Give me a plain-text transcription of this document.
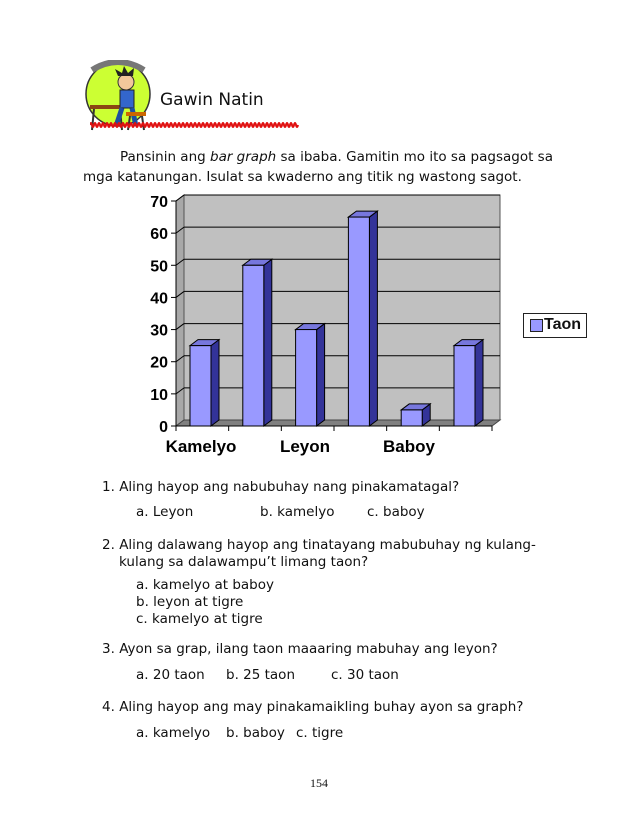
Gawin Natin
Pansinin ang bar graph sa ibaba. Gamitin mo ito sa pagsagot sa
mga katanungan. Isulat sa kwaderno ang titik ng wastong sagot.
0
10
20
30
40
50
60
70
Kamelyo	Leyon	Baboy
Taon
1. Aling hayop ang nabubuhay nang pinakamatagal?
a. Leyon	b. kamelyo c. baboy
2. Aling dalawang hayop ang tinatayang mabubuhay ng kulang-
kulang sa dalawampu’t limang taon?
a. kamelyo at baboy
b. leyon at tigre
c. kamelyo at tigre
3. Ayon sa grap, ilang taon maaaring mabuhay ang leyon?
a. 20 taon b. 25 taon	c. 30 taon
4. Aling hayop ang may pinakamaikling buhay ayon sa graph?
a. kamelyo b. baboy c. tigre
154
